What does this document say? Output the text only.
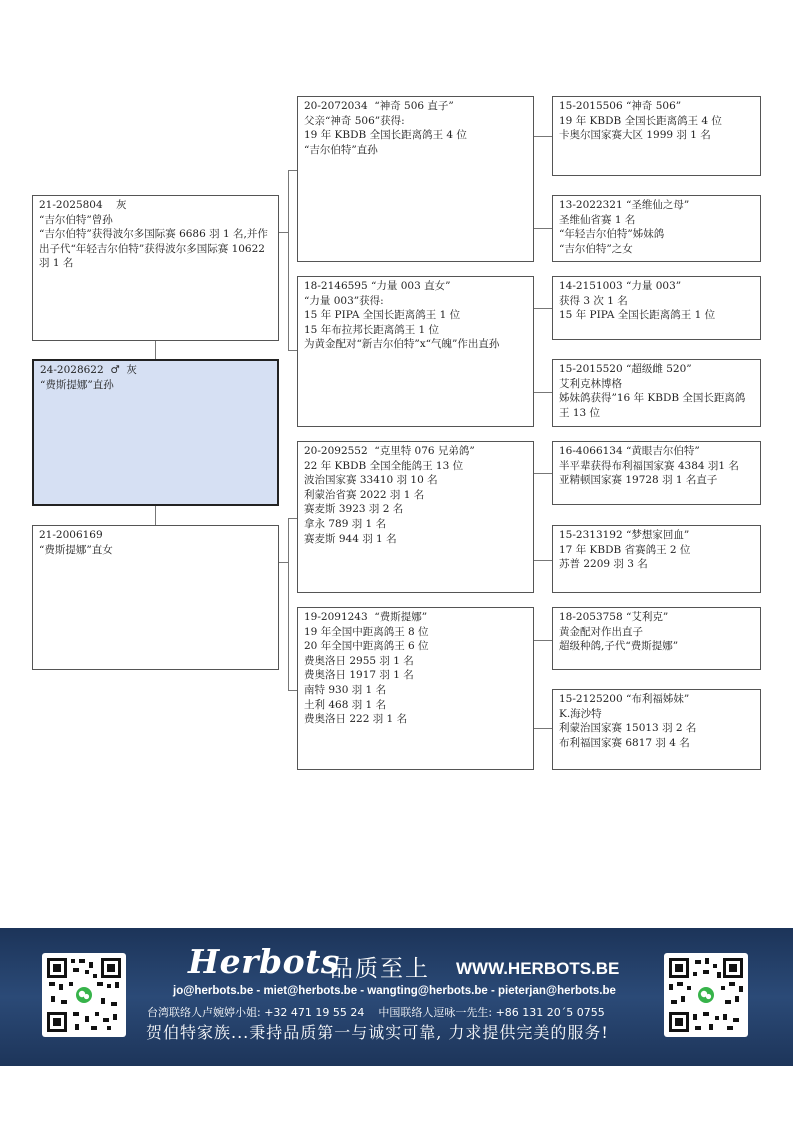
21-2025804    灰
“吉尔伯特”曾孙
“吉尔伯特”获得波尔多国际赛 6686 羽 1 名,并作出子代“年轻吉尔伯特”获得波尔多国际赛 10622 羽 1 名
24-2028622  ♂  灰
“费斯提娜”直孙
21-2006169
“费斯提娜”直女
20-2072034  “神奇 506 直子”
父亲“神奇 506”获得:
19 年 KBDB 全国长距离鸽王 4 位
“吉尔伯特”直孙
18-2146595 “力量 003 直女”
“力量 003”获得:
15 年 PIPA 全国长距离鸽王 1 位
15 年布拉邦长距离鸽王 1 位
为黄金配对“新吉尔伯特”x“气魄”作出直孙
20-2092552  “克里特 076 兄弟鸽”
22 年 KBDB 全国全能鸽王 13 位
波治国家赛 33410 羽 10 名
利蒙治省赛 2022 羽 1 名
赛麦斯 3923 羽 2 名
拿永 789 羽 1 名
赛麦斯 944 羽 1 名
19-2091243  “费斯提娜”
19 年全国中距离鸽王 8 位
20 年全国中距离鸽王 6 位
费奥洛日 2955 羽 1 名
费奥洛日 1917 羽 1 名
南特 930 羽 1 名
土利 468 羽 1 名
费奥洛日 222 羽 1 名
15-2015506 “神奇 506”
19 年 KBDB 全国长距离鸽王 4 位
卡奥尔国家赛大区 1999 羽 1 名
13-2022321 “圣维仙之母”
圣维仙省赛 1 名
“年轻吉尔伯特”姊妹鸽
“吉尔伯特”之女
14-2151003 “力量 003”
获得 3 次 1 名
15 年 PIPA 全国长距离鸽王 1 位
15-2015520 “超级雌 520”
艾利克林博格
姊妹鸽获得”16 年 KBDB 全国长距离鸽王 13 位
16-4066134 “黄眼吉尔伯特”
半平辈获得布利福国家赛 4384 羽1 名
亚精顿国家赛 19728 羽 1 名直子
15-2313192 “梦想家回血”
17 年 KBDB 省赛鸽王 2 位
苏普 2209 羽 3 名
18-2053758 “艾利克”
黄金配对作出直子
超级种鸽,子代“费斯提娜”
15-2125200 “布利福姊妹”
K.海沙特
利蒙治国家赛 15013 羽 2 名
布利福国家赛 6817 羽 4 名
Herbots
品质至上 WWW.HERBOTS.BE
jo@herbots.be - miet@herbots.be - wangting@herbots.be - pieterjan@herbots.be
台湾联络人卢婉婷小姐: +32 471 19 55 24    中国联络人逗咏一先生: +86 131 20´5 0755
贺伯特家族...秉持品质第一与诚实可靠, 力求提供完美的服务!
